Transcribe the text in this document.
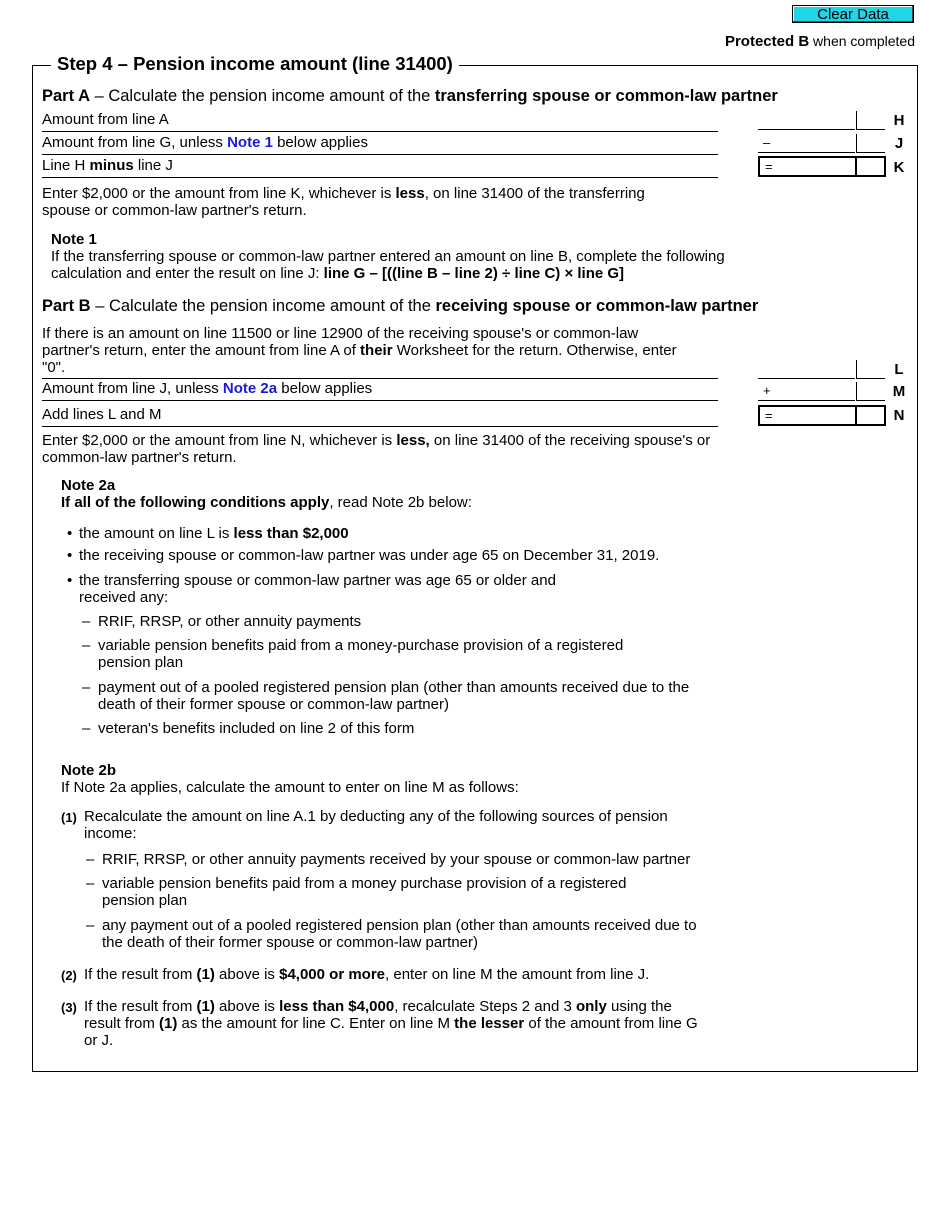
Clear Data
Protected B when completed
Step 4 – Pension income amount (line 31400)
Part A – Calculate the pension income amount of the transferring spouse or common-law partner
Amount from line A	H
Amount from line G, unless Note 1 below applies	–	J
Line H minus line J	=	K
Enter $2,000 or the amount from line K, whichever is less, on line 31400 of the transferring spouse or common-law partner's return.
Note 1
If the transferring spouse or common-law partner entered an amount on line B, complete the following calculation and enter the result on line J: line G – [((line B – line 2) ÷ line C) × line G]
Part B – Calculate the pension income amount of the receiving spouse or common-law partner
If there is an amount on line 11500 or line 12900 of the receiving spouse's or common-law partner's return, enter the amount from line A of their Worksheet for the return. Otherwise, enter "0".	L
Amount from line J, unless Note 2a below applies	+	M
Add lines L and M	=	N
Enter $2,000 or the amount from line N, whichever is less, on line 31400 of the receiving spouse's or common-law partner's return.
Note 2a
If all of the following conditions apply, read Note 2b below:
• the amount on line L is less than $2,000
• the receiving spouse or common-law partner was under age 65 on December 31, 2019.
• the transferring spouse or common-law partner was age 65 or older and received any:
– RRIF, RRSP, or other annuity payments
– variable pension benefits paid from a money-purchase provision of a registered pension plan
– payment out of a pooled registered pension plan (other than amounts received due to the death of their former spouse or common-law partner)
– veteran's benefits included on line 2 of this form
Note 2b
If Note 2a applies, calculate the amount to enter on line M as follows:
(1) Recalculate the amount on line A.1 by deducting any of the following sources of pension income:
– RRIF, RRSP, or other annuity payments received by your spouse or common-law partner
– variable pension benefits paid from a money purchase provision of a registered pension plan
– any payment out of a pooled registered pension plan (other than amounts received due to the death of their former spouse or common-law partner)
(2) If the result from (1) above is $4,000 or more, enter on line M the amount from line J.
(3) If the result from (1) above is less than $4,000, recalculate Steps 2 and 3 only using the result from (1) as the amount for line C. Enter on line M the lesser of the amount from line G or J.
